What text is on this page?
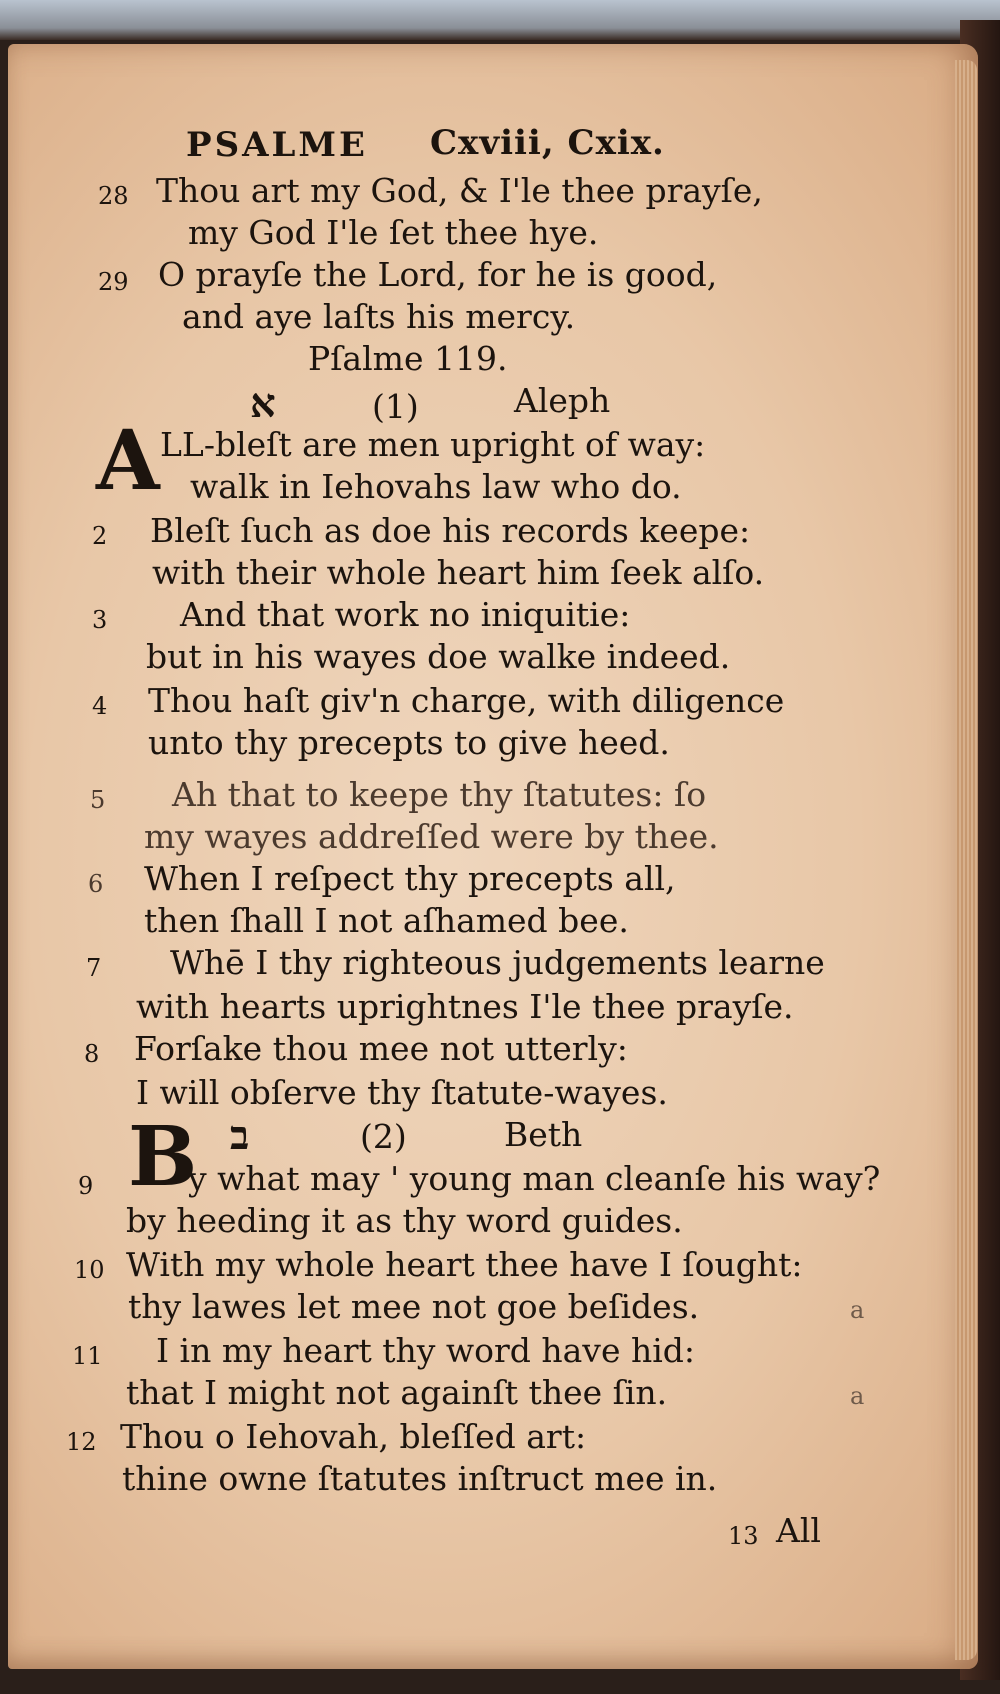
PSALME Cxviii, Cxix.
28 Thou art my God, & I'le thee prayſe,
my God I'le ſet thee hye.
29 O prayſe the Lord, for he is good,
and aye laſts his mercy.
Pſalme 119.
א	(1)	Aleph
A LL-bleſt are men upright of way:
walk in Iehovahs law who do.
2 Bleſt ſuch as doe his records keepe:
with their whole heart him ſeek alſo.
3 And that work no iniquitie:
but in his wayes doe walke indeed.
4 Thou haſt giv'n charge, with diligence
unto thy precepts to give heed.
5 Ah that to keepe thy ſtatutes: ſo
my wayes addreſſed were by thee.
6 When I reſpect thy precepts all,
then ſhall I not aſhamed bee.
7 Whē I thy righteous judgements learne
with hearts uprightnes I'le thee prayſe.
8 Forſake thou mee not utterly:
I will obſerve thy ſtatute-wayes.
B ב	(2)	Beth
9	y what may ' young man cleanſe his way?
by heeding it as thy word guides.
10 With my whole heart thee have I ſought:
thy lawes let mee not goe beſides.
11 I in my heart thy word have hid:
that I might not againſt thee ſin.
12 Thou o Iehovah, bleſſed art:
thine owne ſtatutes inſtruct mee in.
13 All
a
a
